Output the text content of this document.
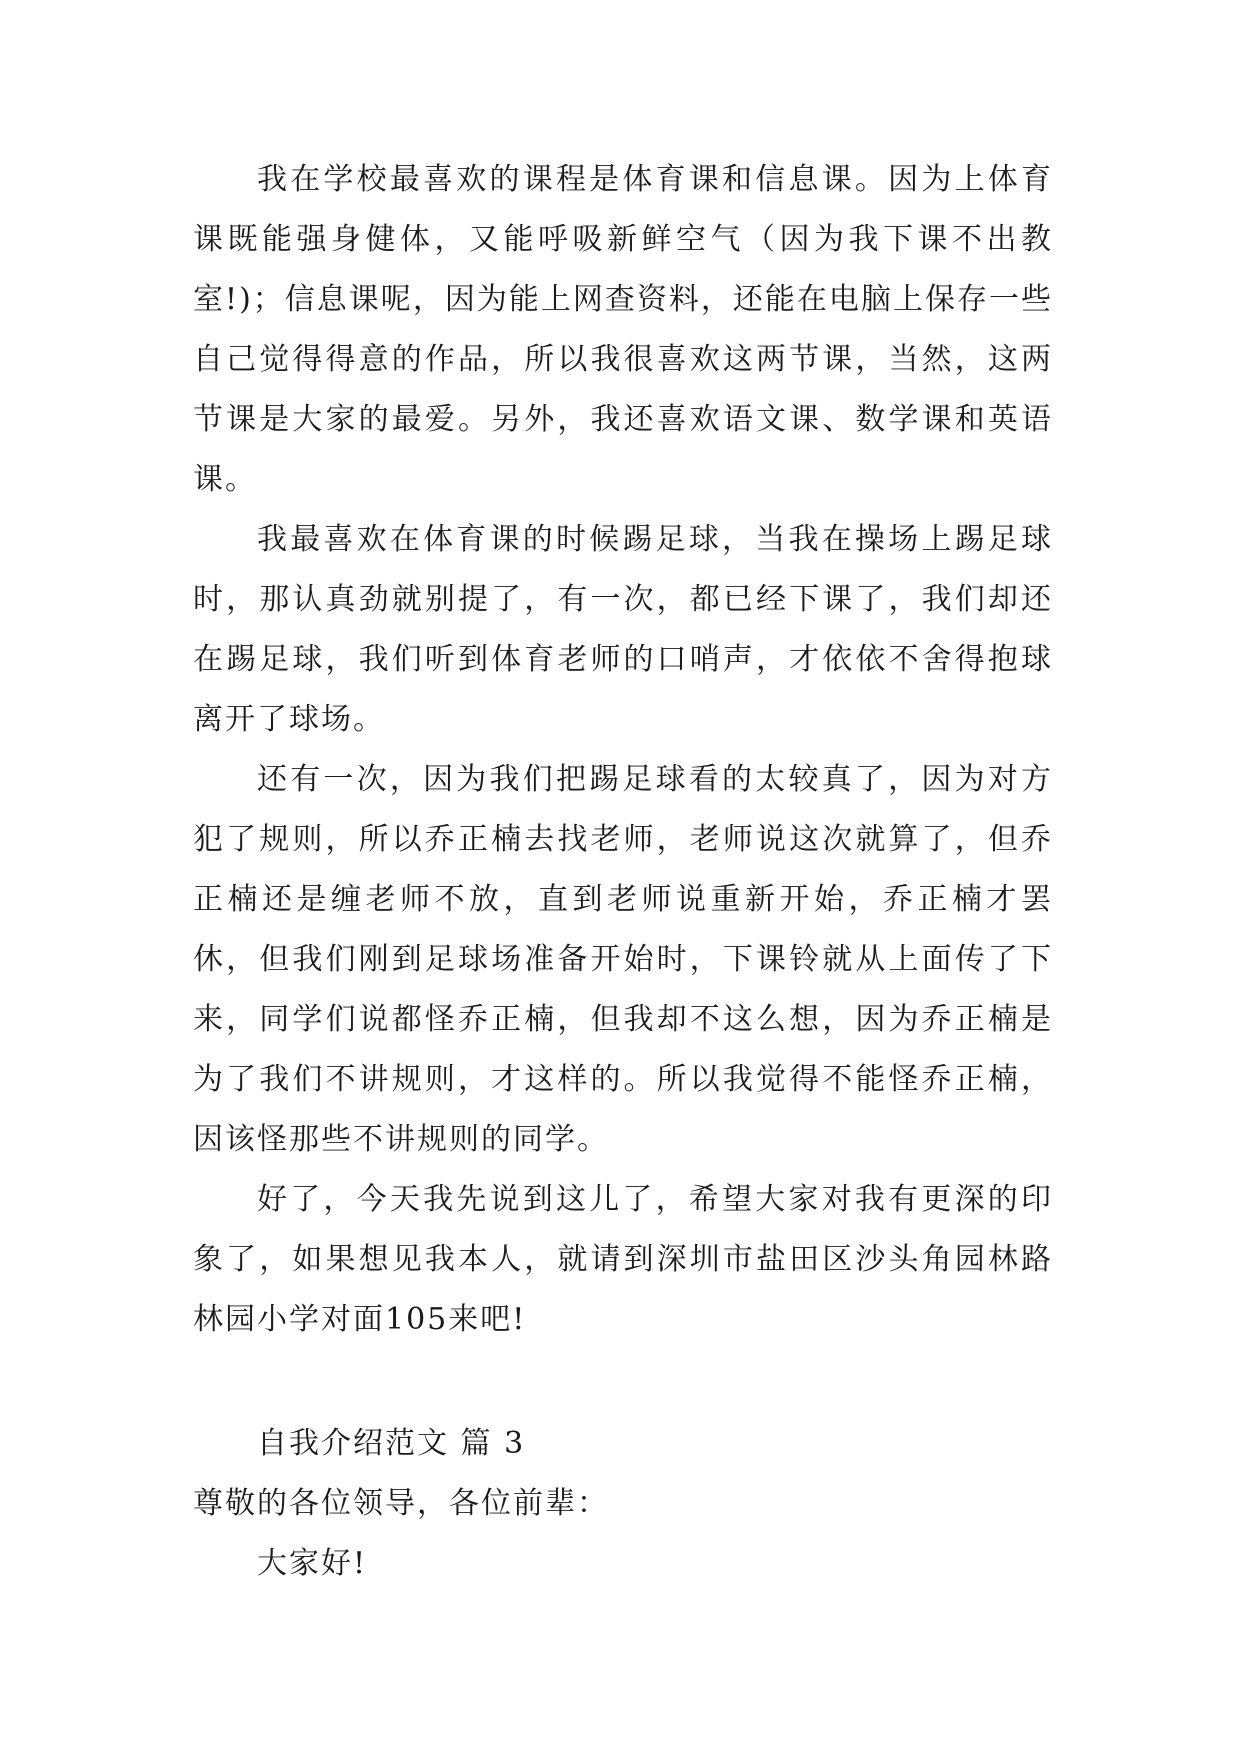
我在学校最喜欢的课程是体育课和信息课。因为上体育课既能强身健体，又能呼吸新鲜空气（因为我下课不出教室!)；信息课呢，因为能上网查资料，还能在电脑上保存一些自己觉得得意的作品，所以我很喜欢这两节课，当然，这两节课是大家的最爱。另外，我还喜欢语文课、数学课和英语课。

我最喜欢在体育课的时候踢足球，当我在操场上踢足球时，那认真劲就别提了，有一次，都已经下课了，我们却还在踢足球，我们听到体育老师的口哨声，才依依不舍得抱球离开了球场。

还有一次，因为我们把踢足球看的太较真了，因为对方犯了规则，所以乔正楠去找老师，老师说这次就算了，但乔正楠还是缠老师不放，直到老师说重新开始，乔正楠才罢休，但我们刚到足球场准备开始时，下课铃就从上面传了下来，同学们说都怪乔正楠，但我却不这么想，因为乔正楠是为了我们不讲规则，才这样的。所以我觉得不能怪乔正楠，因该怪那些不讲规则的同学。

好了，今天我先说到这儿了，希望大家对我有更深的印象了，如果想见我本人，就请到深圳市盐田区沙头角园林路林园小学对面105来吧!

自我介绍范文 篇 3

尊敬的各位领导，各位前辈：

大家好!
